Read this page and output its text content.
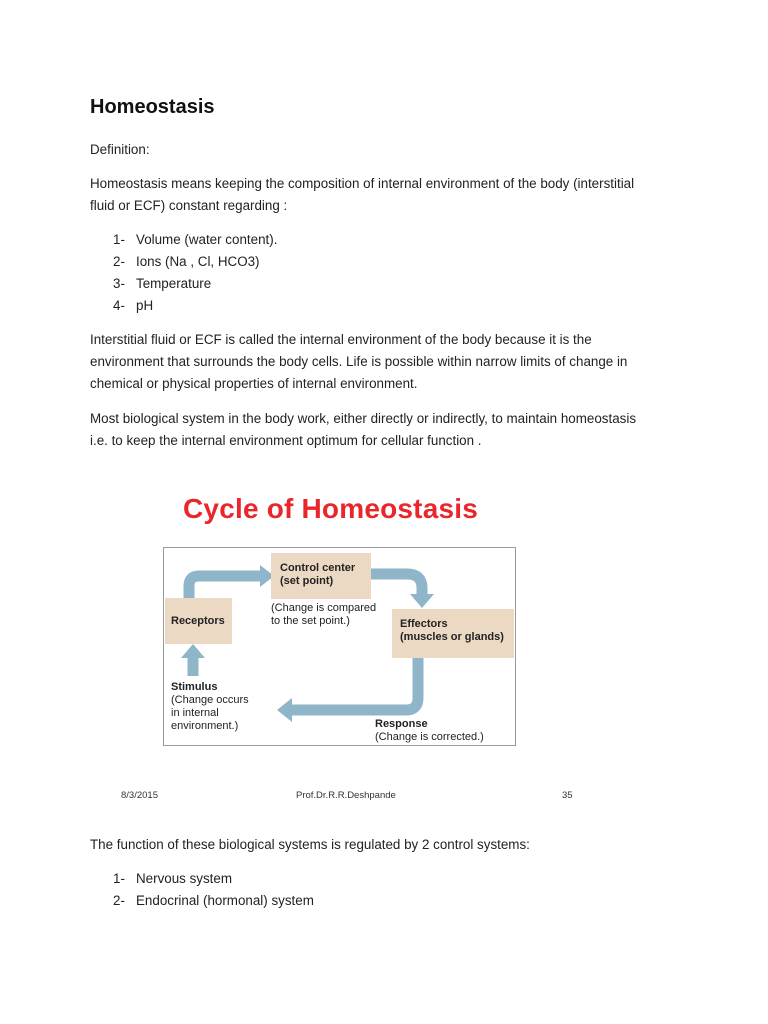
Homeostasis
Definition:
Homeostasis means keeping the composition of internal environment of the body (interstitial
fluid or ECF) constant regarding :
1- Volume (water content).
2- Ions (Na , Cl, HCO3)
3- Temperature
4- pH
Interstitial fluid or ECF is called the internal environment of the body because it is the
environment that surrounds the body cells. Life is possible within narrow limits of change in
chemical or physical properties of internal environment.
Most biological system in the body work, either directly or indirectly, to maintain homeostasis
i.e. to keep the internal environment optimum for cellular function .
Cycle of Homeostasis
Receptors
Control center
(set point)
(Change is compared
to the set point.)	Effectors
(muscles or glands)
Stimulus
(Change occurs
in internal
environment.)	Response
(Change is corrected.)
8/3/2015	Prof.Dr.R.R.Deshpande	35
The function of these biological systems is regulated by 2 control systems:
1- Nervous system
2- Endocrinal (hormonal) system
